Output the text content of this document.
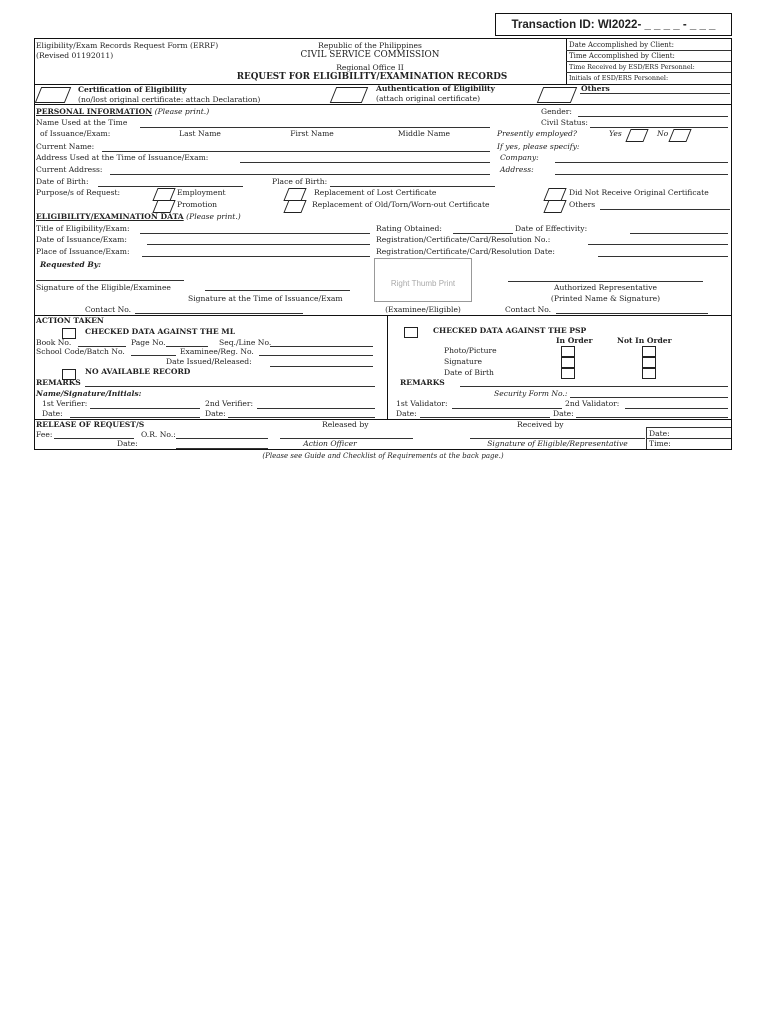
Transaction ID: WI2022- _ _ _ _ - _ _ _
Eligibility/Exam Records Request Form (ERRF)
(Revised 01192011)
Republic of the Philippines
CIVIL SERVICE COMMISSION
Regional Office II
REQUEST FOR ELIGIBILITY/EXAMINATION RECORDS
Date Accomplished by Client:
Time Accomplished by Client:
Time Received by ESD/ERS Personnel:
Initials of ESD/ERS Personnel:
Certification of Eligibility
(no/lost original certificate: attach Declaration)
Authentication of Eligibility
(attach original certificate)
Others
PERSONAL INFORMATION (Please print.)
Name Used at the Time
of Issuance/Exam:	Last Name	First Name	Middle Name
Current Name:
Address Used at the Time of Issuance/Exam:
Current Address:
Date of Birth:	Place of Birth:
Purpose/s of Request:	Employment
Promotion
Replacement of Lost Certificate
Replacement of Old/Torn/Worn-out Certificate
Did Not Receive Original Certificate
Others
Gender:
Civil Status:
Presently employed?	Yes	No
If yes, please specify:
Company:
Address:
ELIGIBILITY/EXAMINATION DATA (Please print.)
Title of Eligibility/Exam:
Date of Issuance/Exam:
Place of Issuance/Exam:
Rating Obtained:	Date of Effectivity:
Registration/Certificate/Card/Resolution No.:
Registration/Certificate/Card/Resolution Date:
Requested By:
Signature of the Eligible/Examinee
Signature at the Time of Issuance/Exam
Contact No.
Right Thumb Print
(Examinee/Eligible)
Authorized Representative
(Printed Name & Signature)
Contact No.
ACTION TAKEN
CHECKED DATA AGAINST THE ML
Book No.	Page No.	Seq./Line No.
School Code/Batch No.	Examinee/Reg. No.
Date Issued/Released:
NO AVAILABLE RECORD
REMARKS
Name/Signature/Initials:
1st Verifier:	2nd Verifier:
Date:	Date:
CHECKED DATA AGAINST THE PSP
In Order	Not In Order
Photo/Picture
Signature
Date of Birth
REMARKS
Security Form No.:
1st Validator:	2nd Validator:
Date:	Date:
RELEASE OF REQUEST/S	Released by	Received by
Fee:	O.R. No.:
Date:	Action Officer	Signature of Eligible/Representative
Date:
Time:
(Please see Guide and Checklist of Requirements at the back page.)
